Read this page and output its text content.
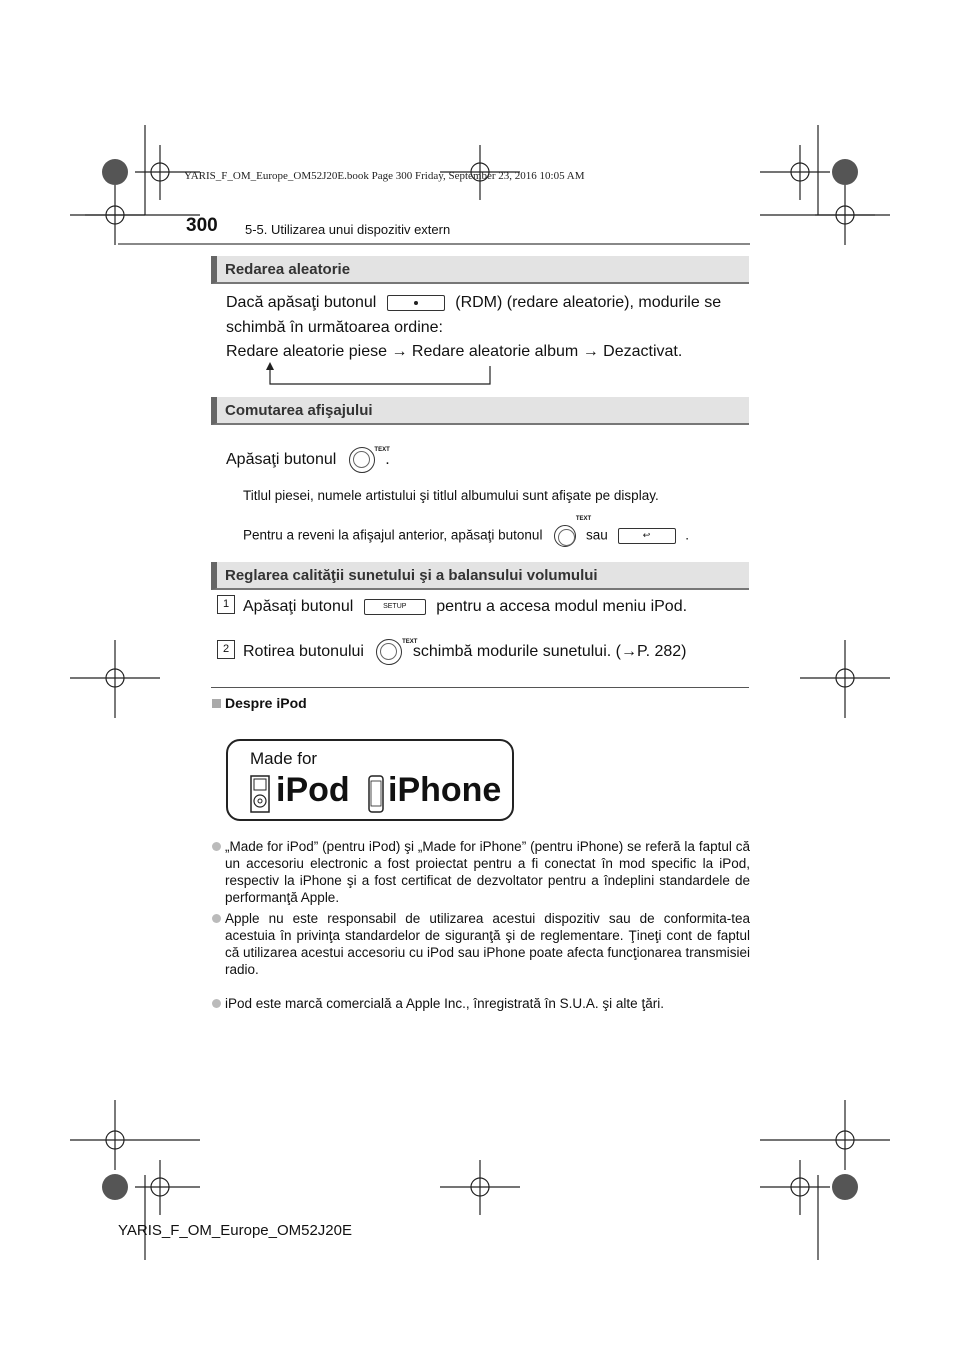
YARIS_F_OM_Europe_OM52J20E.book Page 300 Friday, September 23, 2016 10:05 AM
300 5-5. Utilizarea unui dispozitiv extern
Redarea aleatorie
Dacă apăsaţi butonul	(RDM) (redare aleatorie), modurile se
schimbă în următoarea ordine:
Redare aleatorie piese → Redare aleatorie album → Dezactivat.
Comutarea afişajului
Apăsaţi butonul
TEXT
.
Titlul piesei, numele artistului şi titlul albumului sunt afişate pe display.
Pentru a reveni la afişajul anterior, apăsaţi butonul
TEXT
sau	↩	.
Reglarea calităţii sunetului şi a balansului volumului
1 Apăsaţi butonul	SETUP pentru a accesa modul meniu iPod.
2 Rotirea butonului
TEXT
schimbă modurile sunetului. (→P. 282)
Despre iPod
Made for
iPod iPhone
„Made for iPod” (pentru iPod) şi „Made for iPhone” (pentru iPhone) se referă la faptul că un accesoriu electronic a fost proiectat pentru a fi conectat în mod specific la iPod, respectiv la iPhone şi a fost certificat de dezvoltator pentru a îndeplini standardele de performanţă Apple.
Apple nu este responsabil de utilizarea acestui dispozitiv sau de conformita-tea acestuia în privinţa standardelor de siguranţă şi de reglementare. Ţineţi cont de faptul că utilizarea acestui accesoriu cu iPod sau iPhone poate afecta funcţionarea transmisiei radio.
iPod este marcă comercială a Apple Inc., înregistrată în S.U.A. şi alte ţări.
YARIS_F_OM_Europe_OM52J20E
